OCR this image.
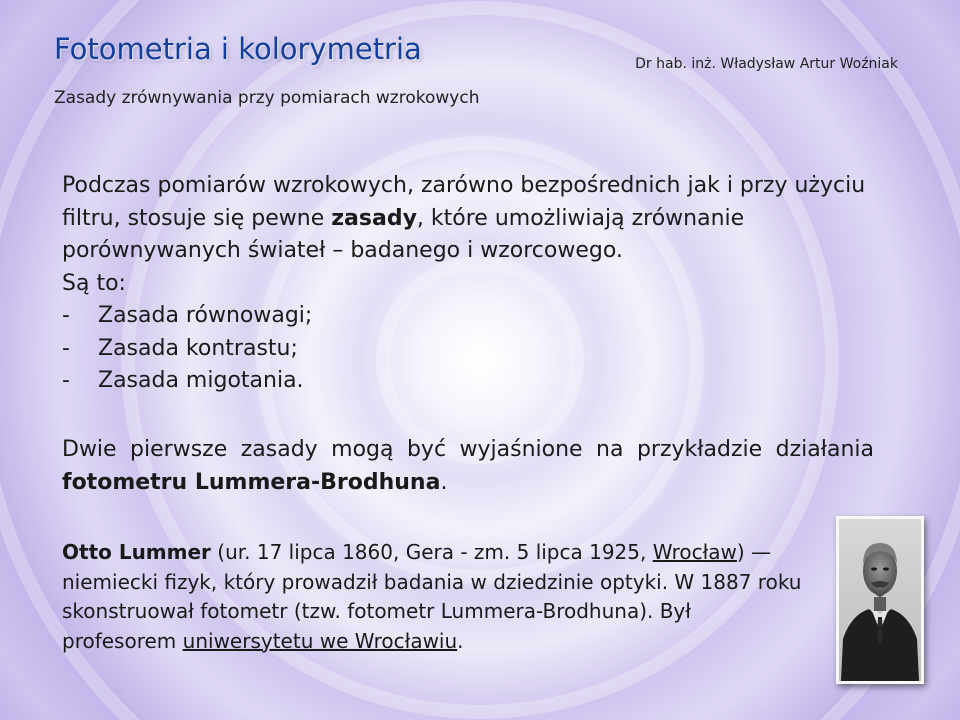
Fotometria i kolorymetria
Zasady zrównywania przy pomiarach wzrokowych
Dr hab. inż. Władysław Artur Woźniak

Podczas pomiarów wzrokowych, zarówno bezpośrednich jak i przy użyciu filtru, stosuje się pewne zasady, które umożliwiają zrównanie porównywanych świateł – badanego i wzorcowego.

Są to:

- Zasada równowagi;

- Zasada kontrastu;

- Zasada migotania.

Dwie pierwsze zasady mogą być wyjaśnione na przykładzie działania fotometru Lummera-Brodhuna.
Otto Lummer (ur. 17 lipca 1860, Gera - zm. 5 lipca 1925, Wrocław) — niemiecki fizyk, który prowadził badania w dziedzinie optyki. W 1887 roku skonstruował fotometr (tzw. fotometr Lummera-Brodhuna). Był profesorem uniwersytetu we Wrocławiu.
